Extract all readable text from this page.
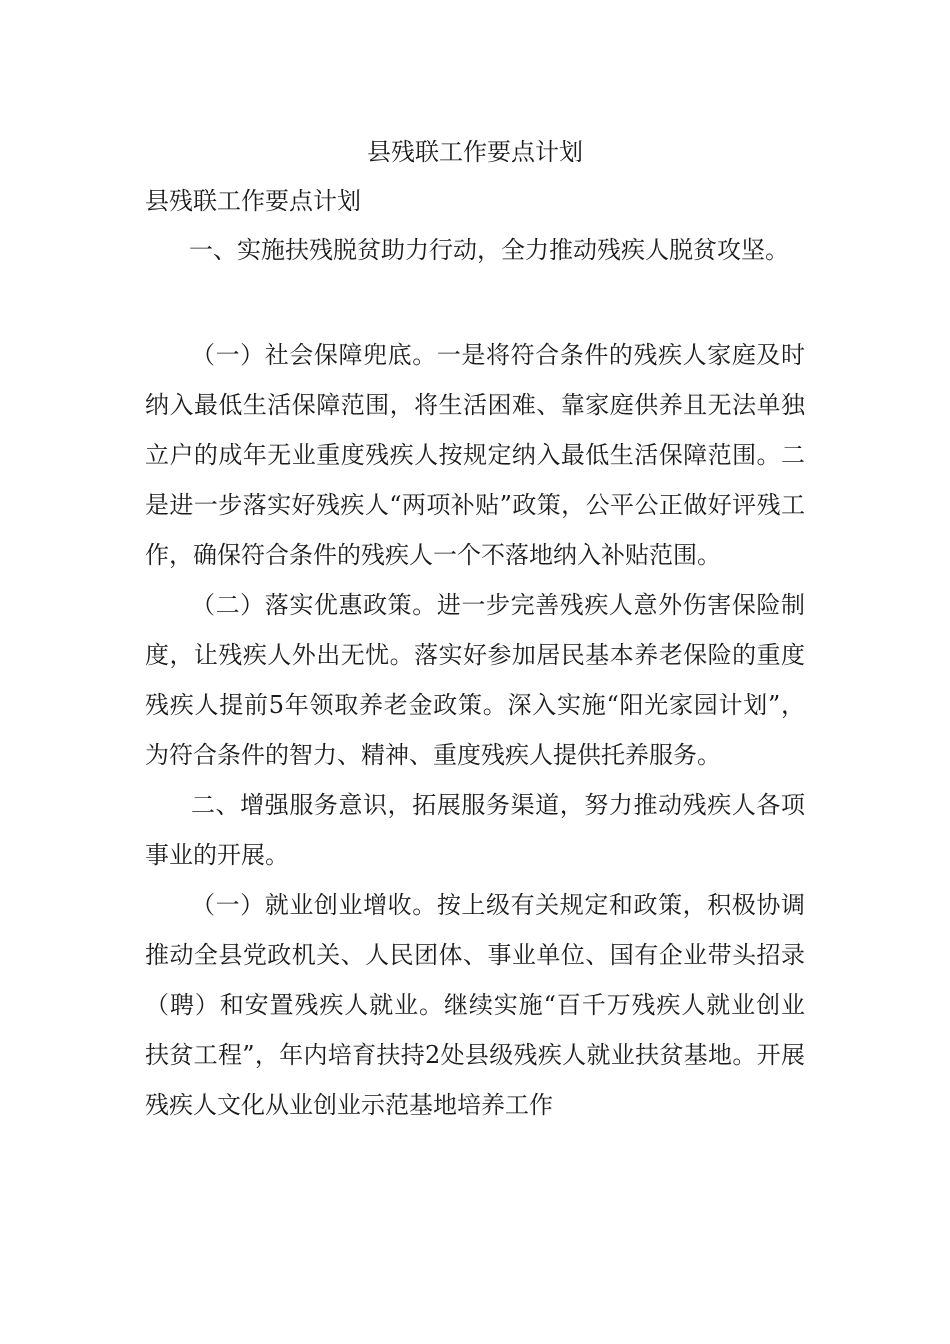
县残联工作要点计划
县残联工作要点计划
一、实施扶残脱贫助力行动，全力推动残疾人脱贫攻坚。

（一）社会保障兜底。一是将符合条件的残疾人家庭及时纳入最低生活保障范围，将生活困难、靠家庭供养且无法单独立户的成年无业重度残疾人按规定纳入最低生活保障范围。二是进一步落实好残疾人“两项补贴”政策，公平公正做好评残工作，确保符合条件的残疾人一个不落地纳入补贴范围。

（二）落实优惠政策。进一步完善残疾人意外伤害保险制度，让残疾人外出无忧。落实好参加居民基本养老保险的重度残疾人提前5年领取养老金政策。深入实施“阳光家园计划”，为符合条件的智力、精神、重度残疾人提供托养服务。

二、增强服务意识，拓展服务渠道，努力推动残疾人各项事业的开展。

（一）就业创业增收。按上级有关规定和政策，积极协调推动全县党政机关、人民团体、事业单位、国有企业带头招录（聘）和安置残疾人就业。继续实施“百千万残疾人就业创业扶贫工程”，年内培育扶持2处县级残疾人就业扶贫基地。开展残疾人文化从业创业示范基地培养工作
